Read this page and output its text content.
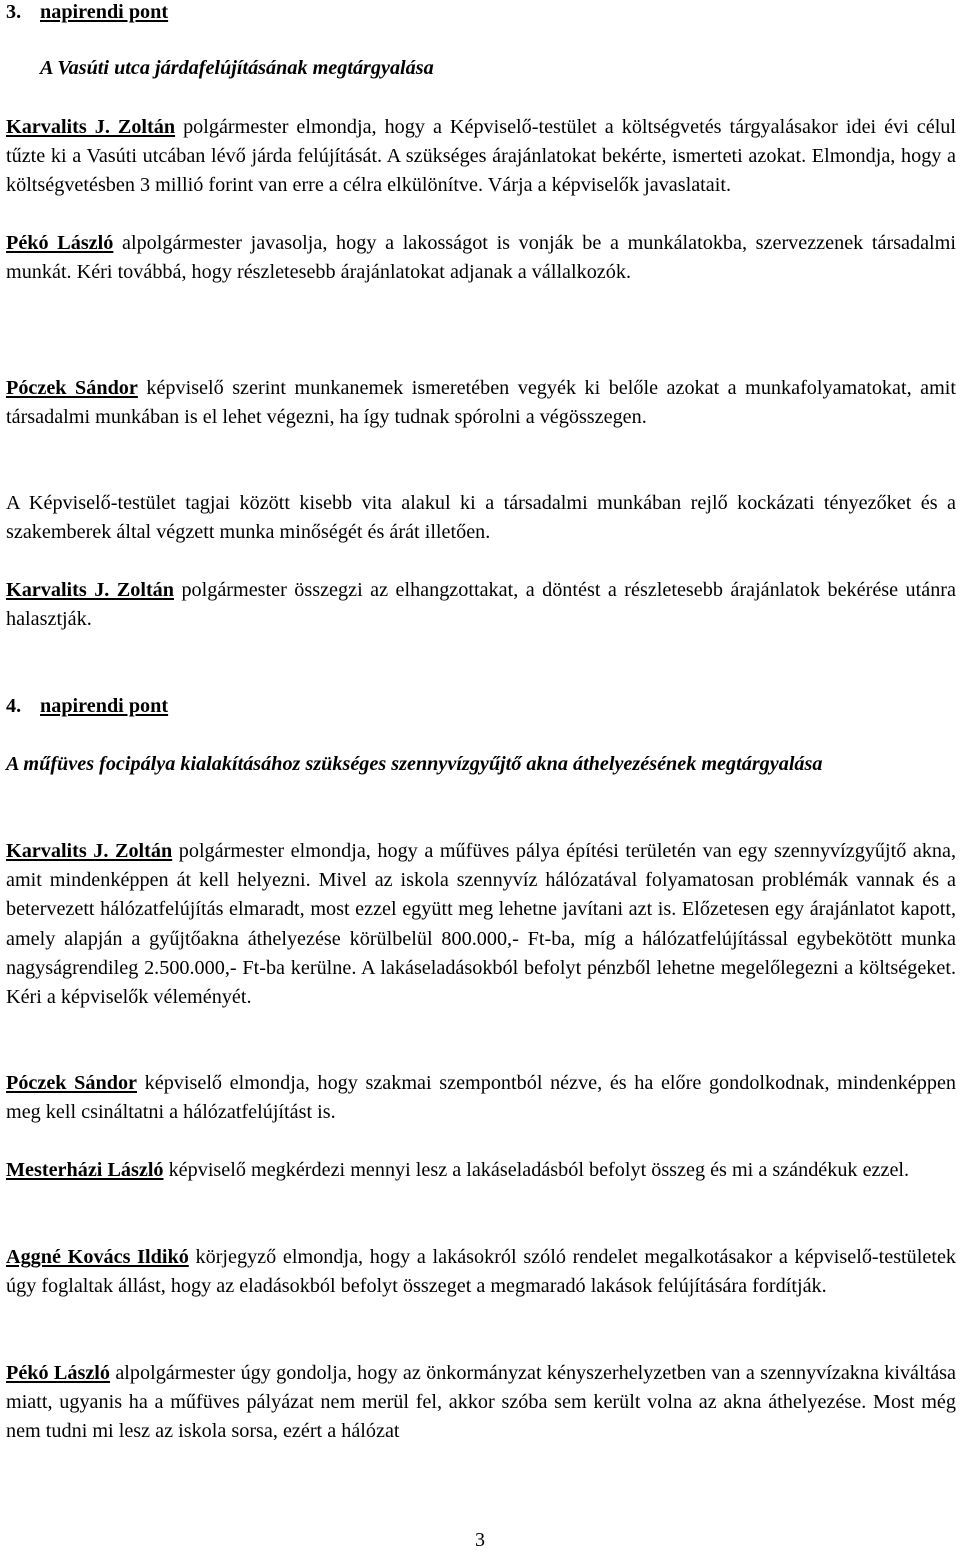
3. napirendi pont

A Vasúti utca járdafelújításának megtárgyalása

Karvalits J. Zoltán polgármester elmondja, hogy a Képviselő-testület a költségvetés tárgyalásakor idei évi célul tűzte ki a Vasúti utcában lévő járda felújítását. A szükséges árajánlatokat bekérte, ismerteti azokat. Elmondja, hogy a költségvetésben 3 millió forint van erre a célra elkülönítve. Várja a képviselők javaslatait.

Pékó László alpolgármester javasolja, hogy a lakosságot is vonják be a munkálatokba, szervezzenek társadalmi munkát. Kéri továbbá, hogy részletesebb árajánlatokat adjanak a vállalkozók.

Póczek Sándor képviselő szerint munkanemek ismeretében vegyék ki belőle azokat a munkafolyamatokat, amit társadalmi munkában is el lehet végezni, ha így tudnak spórolni a végösszegen.

A Képviselő-testület tagjai között kisebb vita alakul ki a társadalmi munkában rejlő kockázati tényezőket és a szakemberek által végzett munka minőségét és árát illetően.

Karvalits J. Zoltán polgármester összegzi az elhangzottakat, a döntést a részletesebb árajánlatok bekérése utánra halasztják.

4. napirendi pont

A műfüves focipálya kialakításához szükséges szennyvízgyűjtő akna áthelyezésének megtárgyalása

Karvalits J. Zoltán polgármester elmondja, hogy a műfüves pálya építési területén van egy szennyvízgyűjtő akna, amit mindenképpen át kell helyezni. Mivel az iskola szennyvíz hálózatával folyamatosan problémák vannak és a betervezett hálózatfelújítás elmaradt, most ezzel együtt meg lehetne javítani azt is. Előzetesen egy árajánlatot kapott, amely alapján a gyűjtőakna áthelyezése körülbelül 800.000,- Ft-ba, míg a hálózatfelújítással egybekötött munka nagyságrendileg 2.500.000,- Ft-ba kerülne. A lakáseladásokból befolyt pénzből lehetne megelőlegezni a költségeket. Kéri a képviselők véleményét.

Póczek Sándor képviselő elmondja, hogy szakmai szempontból nézve, és ha előre gondolkodnak, mindenképpen meg kell csináltatni a hálózatfelújítást is.

Mesterházi László képviselő megkérdezi mennyi lesz a lakáseladásból befolyt összeg és mi a szándékuk ezzel.

Aggné Kovács Ildikó körjegyző elmondja, hogy a lakásokról szóló rendelet megalkotásakor a képviselő-testületek úgy foglaltak állást, hogy az eladásokból befolyt összeget a megmaradó lakások felújítására fordítják.

Pékó László alpolgármester úgy gondolja, hogy az önkormányzat kényszerhelyzetben van a szennyvízakna kiváltása miatt, ugyanis ha a műfüves pályázat nem merül fel, akkor szóba sem került volna az akna áthelyezése. Most még nem tudni mi lesz az iskola sorsa, ezért a hálózat

3
